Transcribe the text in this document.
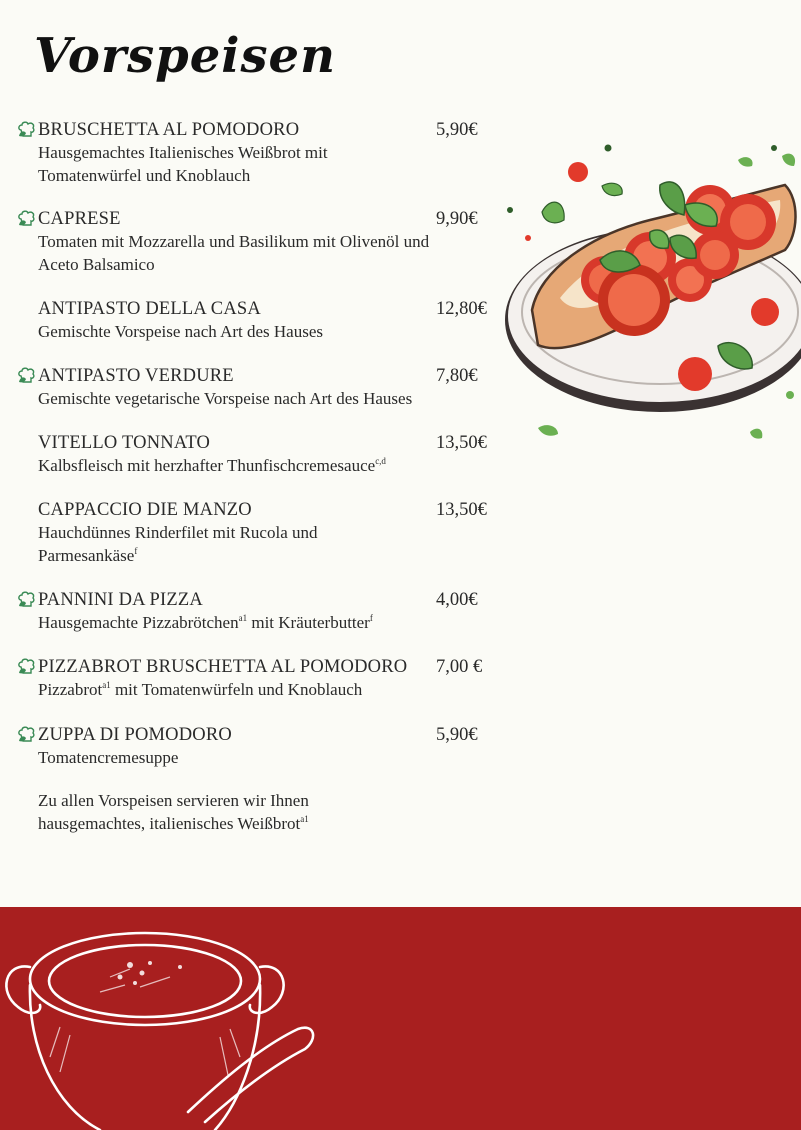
Vorspeisen
BRUSCHETTA AL POMODORO	5,90€
Hausgemachtes Italienisches Weißbrot mit Tomatenwürfel und Knoblauch
CAPRESE	9,90€
Tomaten mit Mozzarella und Basilikum mit Olivenöl und Aceto Balsamico
ANTIPASTO DELLA CASA	12,80€
Gemischte Vorspeise nach Art des Hauses
ANTIPASTO VERDURE	7,80€
Gemischte vegetarische Vorspeise nach Art des Hauses
VITELLO TONNATO	13,50€
Kalbsfleisch mit herzhafter Thunfischcremesauce$^{c,d}$
CAPPACCIO DIE MANZO	13,50€
Hauchdünnes Rinderfilet mit Rucola und Parmesankäse$^f$
PANNINI DA PIZZA	4,00€
Hausgemachte Pizzabrötchen$^{a1}$ mit Kräuterbutter$^f$
PIZZABROT BRUSCHETTA AL POMODORO 7,00 €
Pizzabrot$^{a1}$ mit Tomatenwürfeln und Knoblauch
ZUPPA DI POMODORO	5,90€
Tomatencremesuppe
Zu allen Vorspeisen servieren wir Ihnen hausgemachtes, italienisches Weißbrot$^{a1}$
